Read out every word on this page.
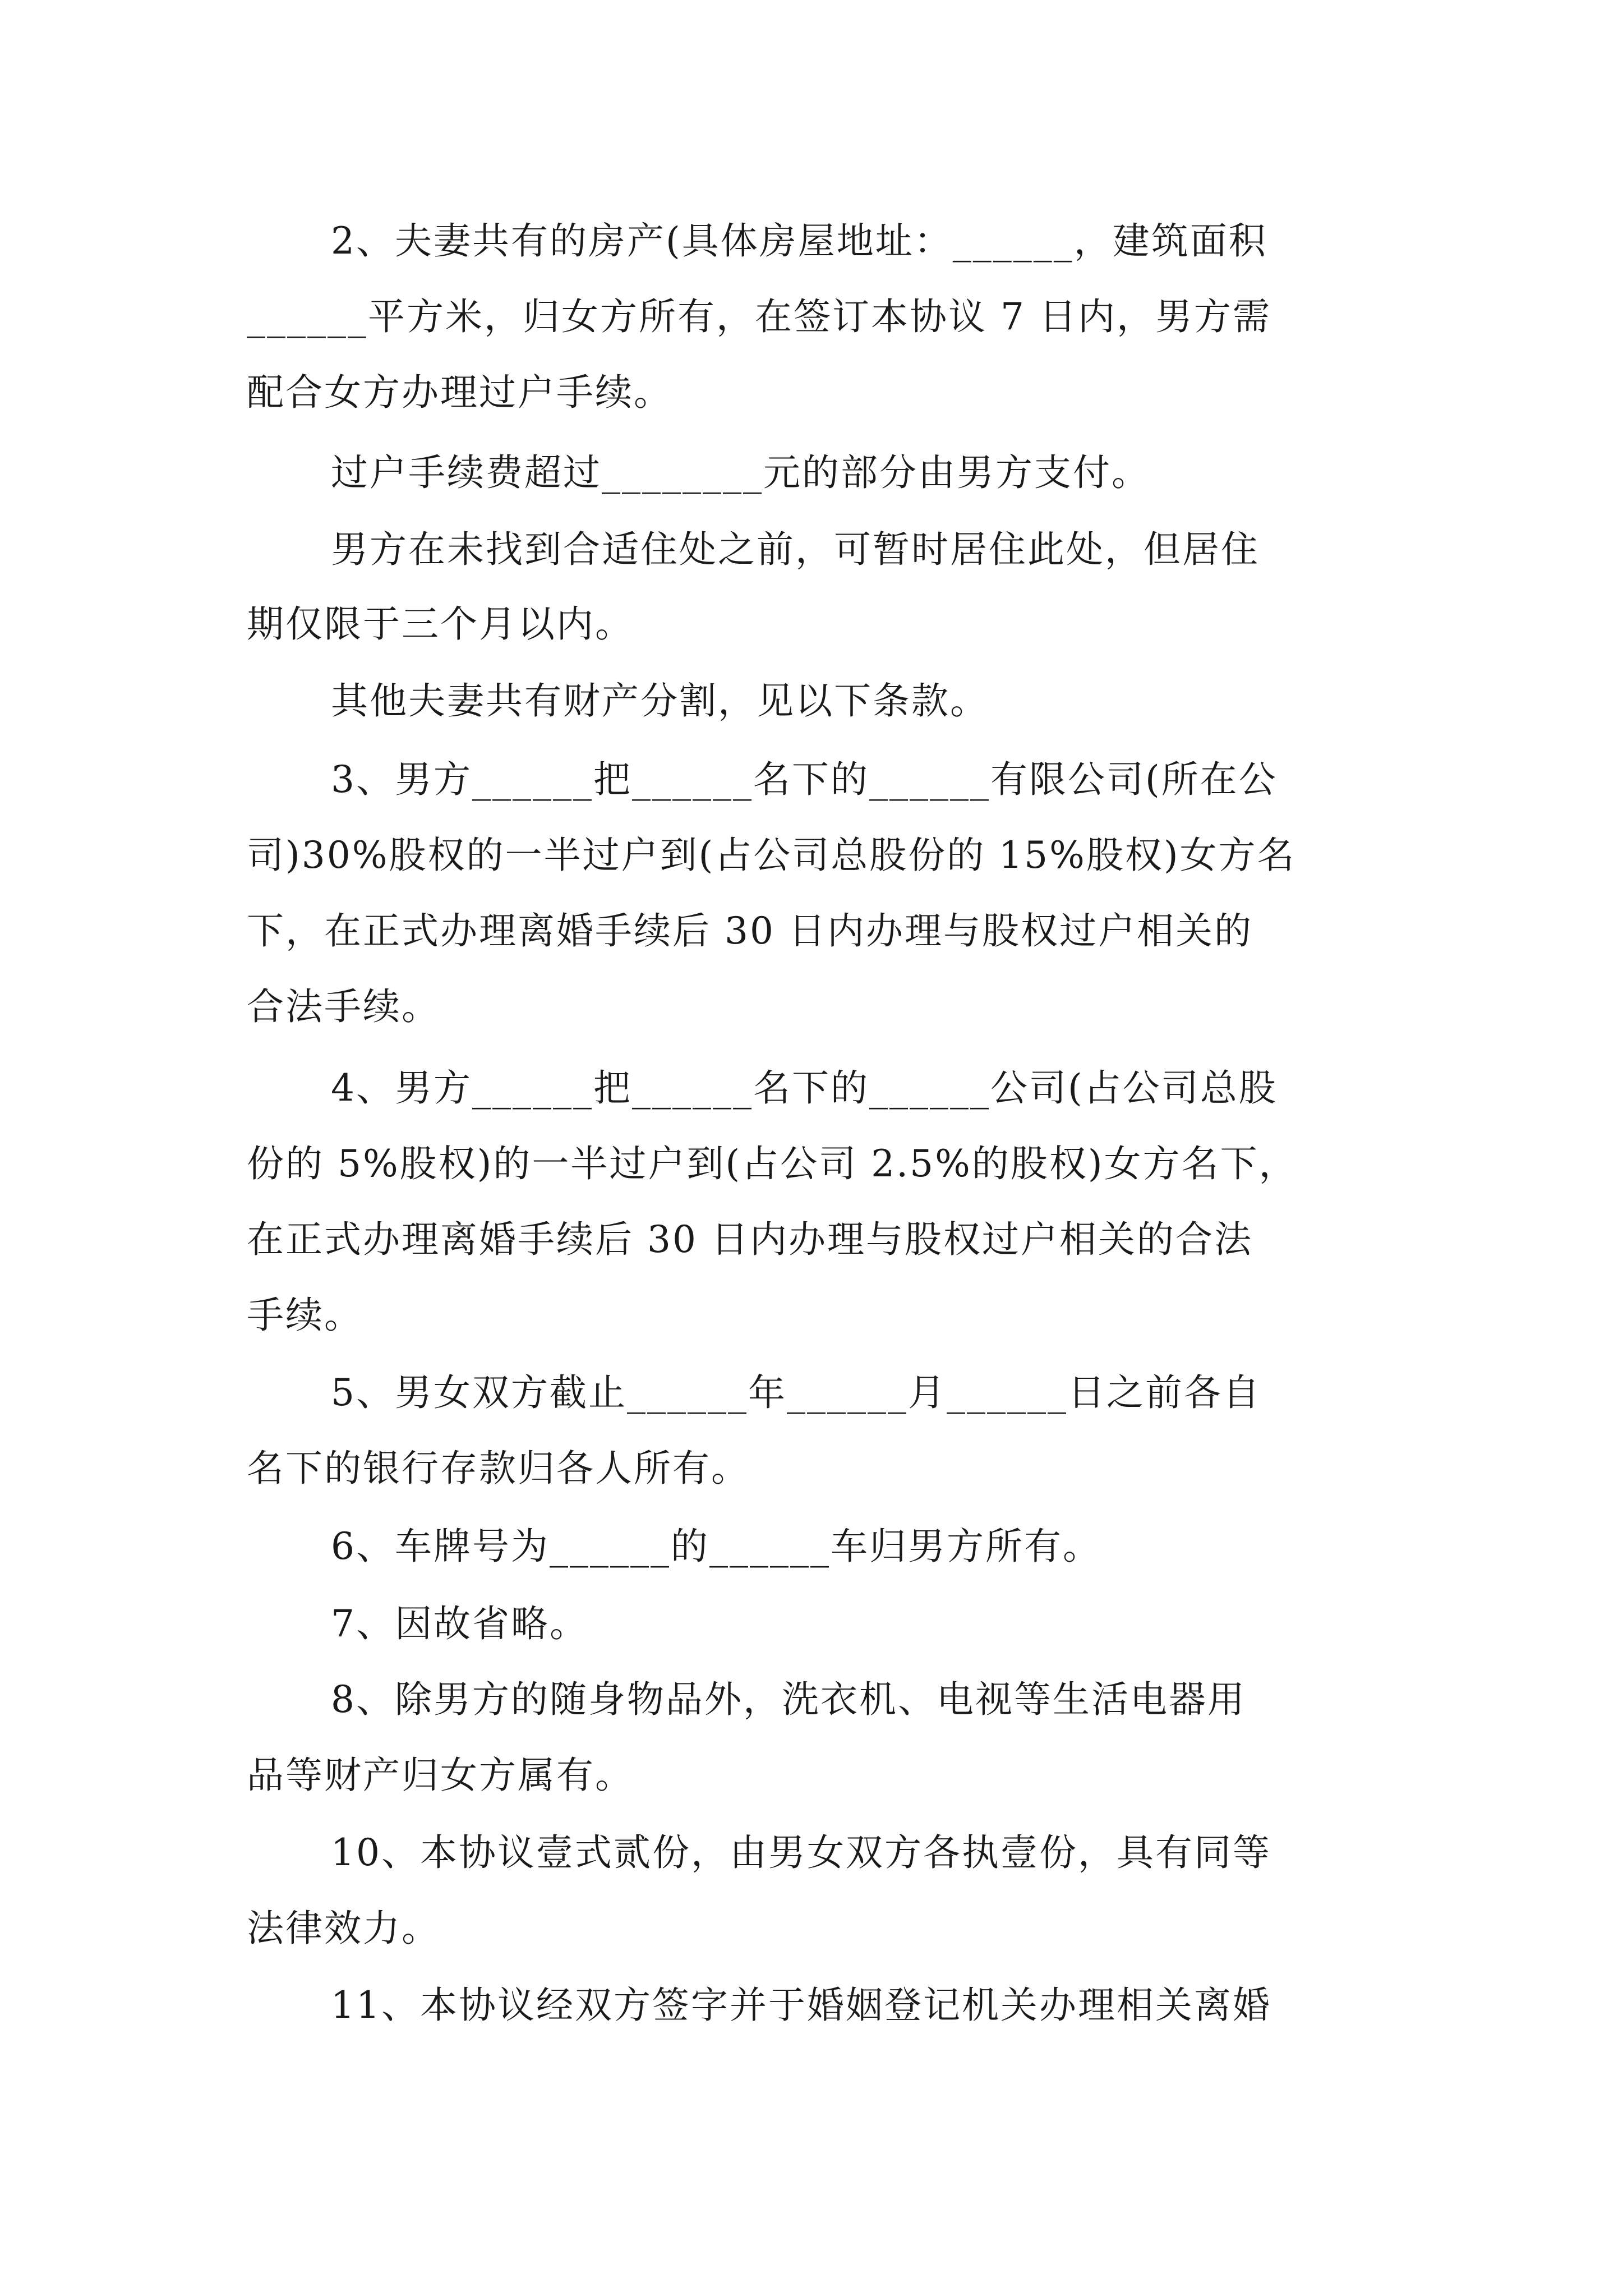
2、夫妻共有的房产(具体房屋地址：______，建筑面积
______平方米，归女方所有，在签订本协议 7 日内，男方需
配合女方办理过户手续。
过户手续费超过________元的部分由男方支付。
男方在未找到合适住处之前，可暂时居住此处，但居住
期仅限于三个月以内。
其他夫妻共有财产分割，见以下条款。
3、男方______把______名下的______有限公司(所在公
司)30%股权的一半过户到(占公司总股份的 15%股权)女方名
下，在正式办理离婚手续后 30 日内办理与股权过户相关的
合法手续。
4、男方______把______名下的______公司(占公司总股
份的 5%股权)的一半过户到(占公司 2.5%的股权)女方名下，
在正式办理离婚手续后 30 日内办理与股权过户相关的合法
手续。
5、男女双方截止______年______月______日之前各自
名下的银行存款归各人所有。
6、车牌号为______的______车归男方所有。
7、因故省略。
8、除男方的随身物品外，洗衣机、电视等生活电器用
品等财产归女方属有。
10、本协议壹式贰份，由男女双方各执壹份，具有同等
法律效力。
11、本协议经双方签字并于婚姻登记机关办理相关离婚
